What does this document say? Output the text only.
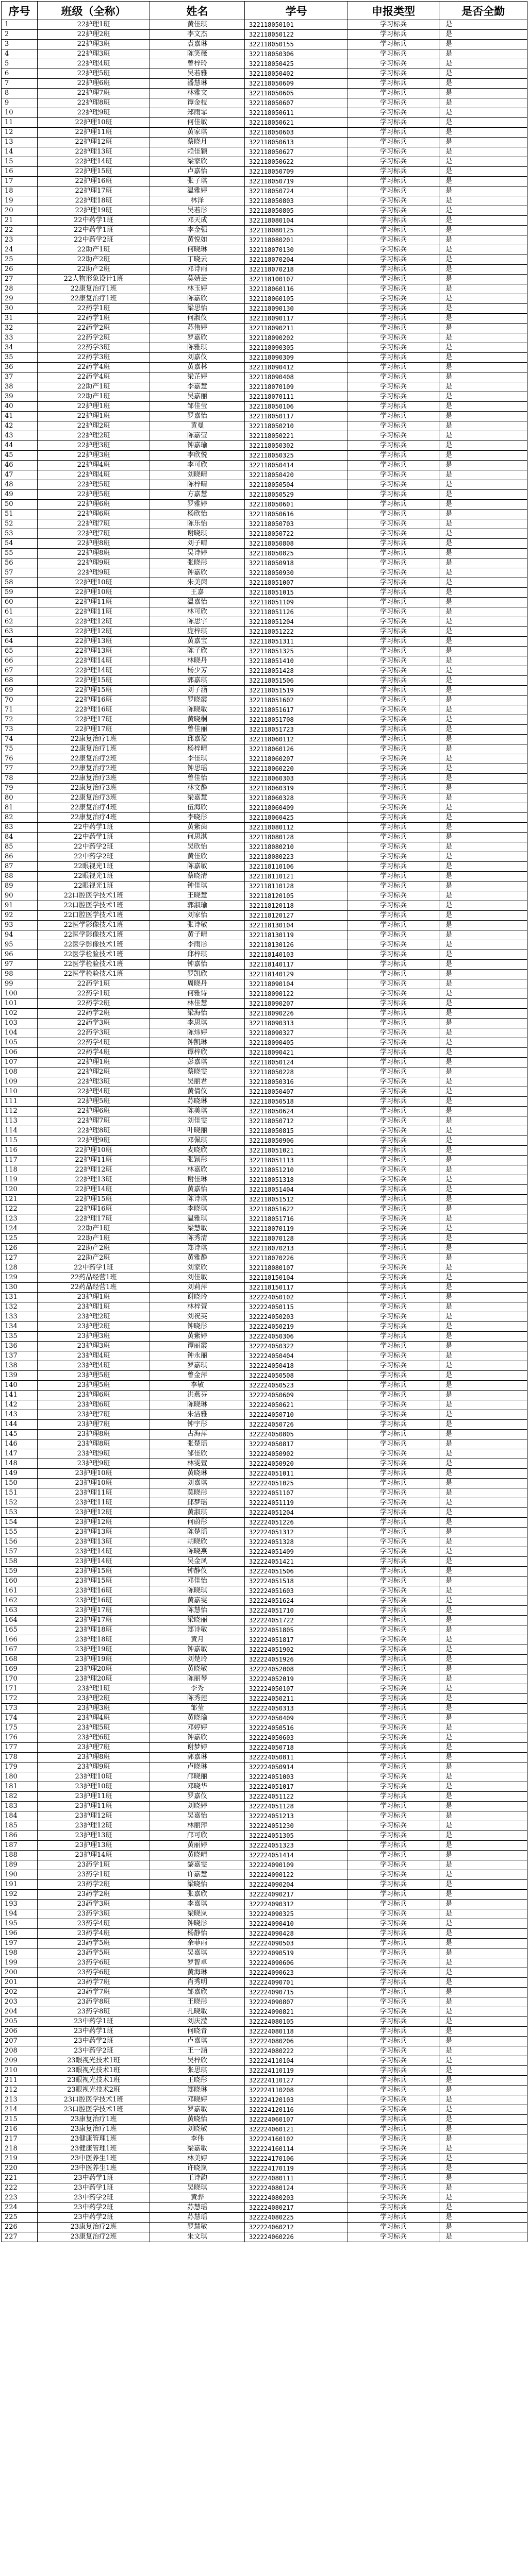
序号	班级（全称）	姓名	学号	申报类型	是否全勤
1	22护理1班	黄佳琪	322118050101	学习标兵	是
2	22护理2班	李文杰	322118050122	学习标兵	是
3	22护理3班	袁嘉琳	322118050155	学习标兵	是
4	22护理3班	陈笑薇	322118050306	学习标兵	是
5	22护理4班	曾梓玲	322118050425	学习标兵	是
6	22护理5班	吴若雅	322118050402	学习标兵	是
7	22护理6班	潘慧琳	322118050609	学习标兵	是
8	22护理7班	林雅文	322118050605	学习标兵	是
9	22护理8班	谭金枝	322118050607	学习标兵	是
10	22护理9班	郑雨霏	322118050611	学习标兵	是
11	22护理10班	何佳敏	322118050621	学习标兵	是
12	22护理11班	黄家琪	322118050603	学习标兵	是
13	22护理12班	蔡晓月	322118050613	学习标兵	是
14	22护理13班	赖佳颖	322118050627	学习标兵	是
15	22护理14班	梁家欣	322118050622	学习标兵	是
16	22护理15班	卢嘉怡	322118050709	学习标兵	是
17	22护理16班	张子琪	322118050719	学习标兵	是
18	22护理17班	温雅婷	322118050724	学习标兵	是
19	22护理18班	林泽	322118050803	学习标兵	是
20	22护理19班	吴若彤	322118050805	学习标兵	是
21	22中药学1班	邓天成	322118080104	学习标兵	是
22	22中药学1班	李金强	322118080125	学习标兵	是
23	22中药学2班	黄悦如	322118080201	学习标兵	是
24	22助产1班	何晓琳	322118070130	学习标兵	是
25	22助产2班	丁晓云	322118070204	学习标兵	是
26	22助产2班	邓诗雨	322118070218	学习标兵	是
27	22人物形象设计1班	莫婧芸	322118100107	学习标兵	是
28	22康复治疗1班	林玉婷	322118060116	学习标兵	是
29	22康复治疗1班	陈嘉欣	322118060105	学习标兵	是
30	22药学1班	梁思怡	322118090130	学习标兵	是
31	22药学1班	何淑仪	322118090117	学习标兵	是
32	22药学2班	苏伟婷	322118090211	学习标兵	是
33	22药学2班	罗嘉欣	322118090202	学习标兵	是
34	22药学3班	陈雅琪	322118090305	学习标兵	是
35	22药学3班	刘嘉仪	322118090309	学习标兵	是
36	22药学4班	黄嘉林	322118090412	学习标兵	是
37	22药学4班	梁芷婷	322118090408	学习标兵	是
38	22助产1班	李嘉慧	322118070109	学习标兵	是
39	22助产1班	吴嘉丽	322118070111	学习标兵	是
40	22护理1班	邹佳莹	322118050106	学习标兵	是
41	22护理1班	罗嘉怡	322118050117	学习标兵	是
42	22护理2班	黄曼	322118050210	学习标兵	是
43	22护理2班	陈嘉莹	322118050221	学习标兵	是
44	22护理3班	钟嘉瑜	322118050302	学习标兵	是
45	22护理3班	李欣悦	322118050325	学习标兵	是
46	22护理4班	李可欣	322118050414	学习标兵	是
47	22护理4班	刘晓晴	322118050420	学习标兵	是
48	22护理5班	陈梓晴	322118050504	学习标兵	是
49	22护理5班	方嘉慧	322118050529	学习标兵	是
50	22护理6班	罗雅婷	322118050601	学习标兵	是
51	22护理6班	杨欣怡	322118050616	学习标兵	是
52	22护理7班	陈乐怡	322118050703	学习标兵	是
53	22护理7班	谢晓琪	322118050722	学习标兵	是
54	22护理8班	刘子晴	322118050808	学习标兵	是
55	22护理8班	吴诗婷	322118050825	学习标兵	是
56	22护理9班	张晓彤	322118050918	学习标兵	是
57	22护理9班	钟嘉欣	322118050930	学习标兵	是
58	22护理10班	朱美茵	322118051007	学习标兵	是
59	22护理10班	王嘉	322118051015	学习标兵	是
60	22护理11班	温嘉怡	322118051109	学习标兵	是
61	22护理11班	林可欣	322118051126	学习标兵	是
62	22护理12班	陈思宇	322118051204	学习标兵	是
63	22护理12班	庞梓琪	322118051222	学习标兵	是
64	22护理13班	黄嘉宝	322118051311	学习标兵	是
65	22护理13班	陈子欣	322118051325	学习标兵	是
66	22护理14班	林晓丹	322118051410	学习标兵	是
67	22护理14班	杨少芳	322118051428	学习标兵	是
68	22护理15班	郭嘉琪	322118051506	学习标兵	是
69	22护理15班	刘子涵	322118051519	学习标兵	是
70	22护理16班	罗晓霞	322118051602	学习标兵	是
71	22护理16班	陈晓敏	322118051617	学习标兵	是
72	22护理17班	黄晓桐	322118051708	学习标兵	是
73	22护理17班	曾佳丽	322118051723	学习标兵	是
74	22康复治疗1班	邱嘉盈	322118060112	学习标兵	是
75	22康复治疗1班	杨梓晴	322118060126	学习标兵	是
76	22康复治疗2班	李佳琪	322118060207	学习标兵	是
77	22康复治疗2班	钟思瑶	322118060220	学习标兵	是
78	22康复治疗3班	曾佳怡	322118060303	学习标兵	是
79	22康复治疗3班	林文静	322118060319	学习标兵	是
80	22康复治疗3班	梁嘉慧	322118060328	学习标兵	是
81	22康复治疗4班	伍海欣	322118060409	学习标兵	是
82	22康复治疗4班	李晓彤	322118060425	学习标兵	是
83	22中药学1班	黄紫茵	322118080112	学习标兵	是
84	22中药学1班	何思淇	322118080128	学习标兵	是
85	22中药学2班	吴欣怡	322118080210	学习标兵	是
86	22中药学2班	黄佳欣	322118080223	学习标兵	是
87	22眼视光1班	陈嘉敏	322118110106	学习标兵	是
88	22眼视光1班	蔡晓清	322118110121	学习标兵	是
89	22眼视光1班	钟佳琪	322118110128	学习标兵	是
90	22口腔医学技术1班	王晓慧	322118120105	学习标兵	是
91	22口腔医学技术1班	郭淑瑜	322118120118	学习标兵	是
92	22口腔医学技术1班	刘家怡	322118120127	学习标兵	是
93	22医学影像技术1班	张诗敏	322118130104	学习标兵	是
94	22医学影像技术1班	黄子晴	322118130119	学习标兵	是
95	22医学影像技术1班	李雨彤	322118130126	学习标兵	是
96	22医学检验技术1班	邱梓琪	322118140103	学习标兵	是
97	22医学检验技术1班	钟嘉怡	322118140117	学习标兵	是
98	22医学检验技术1班	罗凯欣	322118140129	学习标兵	是
99	22药学1班	周晓丹	322118090104	学习标兵	是
100	22药学1班	何雅诗	322118090122	学习标兵	是
101	22药学2班	林佳慧	322118090207	学习标兵	是
102	22药学2班	梁海怡	322118090226	学习标兵	是
103	22药学3班	李思琪	322118090313	学习标兵	是
104	22药学3班	陈炜婷	322118090327	学习标兵	是
105	22药学4班	钟凯琳	322118090405	学习标兵	是
106	22药学4班	谭梓欣	322118090421	学习标兵	是
107	22护理1班	彭嘉琪	322118050124	学习标兵	是
108	22护理2班	蔡晓雯	322118050228	学习标兵	是
109	22护理3班	吴丽君	322118050316	学习标兵	是
110	22护理4班	黄倩仪	322118050407	学习标兵	是
111	22护理5班	苏晓琳	322118050518	学习标兵	是
112	22护理6班	陈美琪	322118050624	学习标兵	是
113	22护理7班	刘佳雯	322118050712	学习标兵	是
114	22护理8班	叶晓丽	322118050815	学习标兵	是
115	22护理9班	邓佩琪	322118050906	学习标兵	是
116	22护理10班	麦晓欣	322118051021	学习标兵	是
117	22护理11班	张颖彤	322118051113	学习标兵	是
118	22护理12班	林嘉欣	322118051210	学习标兵	是
119	22护理13班	谢佳琳	322118051318	学习标兵	是
120	22护理14班	黄嘉怡	322118051404	学习标兵	是
121	22护理15班	陈诗琪	322118051512	学习标兵	是
122	22护理16班	李晓琪	322118051622	学习标兵	是
123	22护理17班	温雅琪	322118051716	学习标兵	是
124	22助产1班	梁慧敏	322118070119	学习标兵	是
125	22助产1班	陈秀清	322118070128	学习标兵	是
126	22助产2班	郑诗琪	322118070213	学习标兵	是
127	22助产2班	黄雅静	322118070226	学习标兵	是
128	22中药学1班	刘家欣	322118080107	学习标兵	是
129	22药品经营1班	刘佳敏	322118150104	学习标兵	是
130	22药品经营1班	刘莉萍	322118150117	学习标兵	是
131	23护理1班	谢晓玲	322224050102	学习标兵	是
132	23护理1班	林梓萱	322224050115	学习标兵	是
133	23护理2班	刘祝英	322224050203	学习标兵	是
134	23护理2班	钟晓彤	322224050219	学习标兵	是
135	23护理3班	黄紫婷	322224050306	学习标兵	是
136	23护理3班	谭丽霞	322224050322	学习标兵	是
137	23护理4班	钟永丽	322224050404	学习标兵	是
138	23护理4班	罗嘉琪	322224050418	学习标兵	是
139	23护理5班	曾金萍	322224050508	学习标兵	是
140	23护理5班	李敏	322224050523	学习标兵	是
141	23护理6班	洪燕芬	322224050609	学习标兵	是
142	23护理6班	陈晓琳	322224050621	学习标兵	是
143	23护理7班	朱洁雅	322224050710	学习标兵	是
144	23护理7班	钟宇彤	322224050726	学习标兵	是
145	23护理8班	古海萍	322224050805	学习标兵	是
146	23护理8班	张楚瑶	322224050817	学习标兵	是
147	23护理9班	邹佳欣	322224050902	学习标兵	是
148	23护理9班	林雯萱	322224050920	学习标兵	是
149	23护理10班	黄晓琳	322224051011	学习标兵	是
150	23护理10班	刘嘉琪	322224051025	学习标兵	是
151	23护理11班	莫晓彤	322224051107	学习标兵	是
152	23护理11班	邱梦瑶	322224051119	学习标兵	是
153	23护理12班	黄淑琪	322224051204	学习标兵	是
154	23护理12班	何蔚彤	322224051226	学习标兵	是
155	23护理13班	陈楚瑶	322224051312	学习标兵	是
156	23护理13班	胡晓欣	322224051328	学习标兵	是
157	23护理14班	陈晓燕	322224051409	学习标兵	是
158	23护理14班	吴金凤	322224051421	学习标兵	是
159	23护理15班	钟静仪	322224051506	学习标兵	是
160	23护理15班	邓佳怡	322224051518	学习标兵	是
161	23护理16班	陈晓琪	322224051603	学习标兵	是
162	23护理16班	黄嘉雯	322224051624	学习标兵	是
163	23护理17班	陈慧怡	322224051710	学习标兵	是
164	23护理17班	梁晓丽	322224051722	学习标兵	是
165	23护理18班	郑诗敏	322224051805	学习标兵	是
166	23护理18班	黄月	322224051817	学习标兵	是
167	23护理19班	钟嘉敏	322224051902	学习标兵	是
168	23护理19班	刘楚玲	322224051926	学习标兵	是
169	23护理20班	黄晓敏	322224052008	学习标兵	是
170	23护理20班	陈丽琴	322224052019	学习标兵	是
171	23护理1班	李秀	322224050107	学习标兵	是
172	23护理2班	陈秀莲	322224050211	学习标兵	是
173	23护理3班	邹莹	322224050313	学习标兵	是
174	23护理4班	黄晓瑜	322224050409	学习标兵	是
175	23护理5班	邓婷婷	322224050516	学习标兵	是
176	23护理6班	钟嘉欣	322224050603	学习标兵	是
177	23护理7班	谢梦婷	322224050718	学习标兵	是
178	23护理8班	郭嘉琳	322224050811	学习标兵	是
179	23护理9班	卢晓琳	322224050914	学习标兵	是
180	23护理10班	邝晓丽	322224051003	学习标兵	是
181	23护理10班	邓晓华	322224051017	学习标兵	是
182	23护理11班	罗嘉仪	322224051122	学习标兵	是
183	23护理11班	刘晓婷	322224051128	学习标兵	是
184	23护理12班	吴嘉怡	322224051213	学习标兵	是
185	23护理12班	林丽萍	322224051230	学习标兵	是
186	23护理13班	邝可欣	322224051305	学习标兵	是
187	23护理13班	黄丽婷	322224051323	学习标兵	是
188	23护理14班	黄晓晴	322224051414	学习标兵	是
189	23药学1班	黎嘉雯	322224090109	学习标兵	是
190	23药学1班	许嘉慧	322224090122	学习标兵	是
191	23药学2班	梁晓怡	322224090204	学习标兵	是
192	23药学2班	张嘉欣	322224090217	学习标兵	是
193	23药学3班	李嘉琪	322224090312	学习标兵	是
194	23药学3班	梁晓岚	322224090325	学习标兵	是
195	23药学4班	钟晓彤	322224090410	学习标兵	是
196	23药学4班	杨静怡	322224090428	学习标兵	是
197	23药学5班	余菲雨	322224090503	学习标兵	是
198	23药学5班	吴嘉琪	322224090519	学习标兵	是
199	23药学6班	罗智卓	322224090606	学习标兵	是
200	23药学6班	黄海琳	322224090623	学习标兵	是
201	23药学7班	肖秀明	322224090701	学习标兵	是
202	23药学7班	邹嘉欣	322224090715	学习标兵	是
203	23药学8班	王晓彤	322224090807	学习标兵	是
204	23药学8班	孔晓敏	322224090821	学习标兵	是
205	23中药学1班	刘庆滢	322224080105	学习标兵	是
206	23中药学1班	何晓青	322224080118	学习标兵	是
207	23中药学2班	卢嘉琪	322224080206	学习标兵	是
208	23中药学2班	王一涵	322224080222	学习标兵	是
209	23眼视光技术1班	吴梓欣	322224110104	学习标兵	是
210	23眼视光技术1班	张思琪	322224110119	学习标兵	是
211	23眼视光技术1班	王晓彤	322224110127	学习标兵	是
212	23眼视光技术2班	郑晓琳	322224110208	学习标兵	是
213	23口腔医学技术1班	邓晓婷	322224120103	学习标兵	是
214	23口腔医学技术1班	罗嘉敏	322224120116	学习标兵	是
215	23康复治疗1班	黄晓怡	322224060107	学习标兵	是
216	23康复治疗1班	刘晓敏	322224060121	学习标兵	是
217	23健康管理1班	李伟	322224160102	学习标兵	是
218	23健康管理1班	梁嘉敏	322224160114	学习标兵	是
219	23中医养生1班	林美婷	322224170106	学习标兵	是
220	23中医养生1班	许晓岚	322224170119	学习标兵	是
221	23中药学1班	王诗韵	322224080111	学习标兵	是
222	23中药学1班	吴晓琪	322224080124	学习标兵	是
223	23中药学2班	黄骅	322224080203	学习标兵	是
224	23中药学2班	苏慧瑶	322224080217	学习标兵	是
225	23中药学2班	苏慧瑶	322224080225	学习标兵	是
226	23康复治疗2班	罗慧敏	322224060212	学习标兵	是
227	23康复治疗2班	朱文琪	322224060226	学习标兵	是
